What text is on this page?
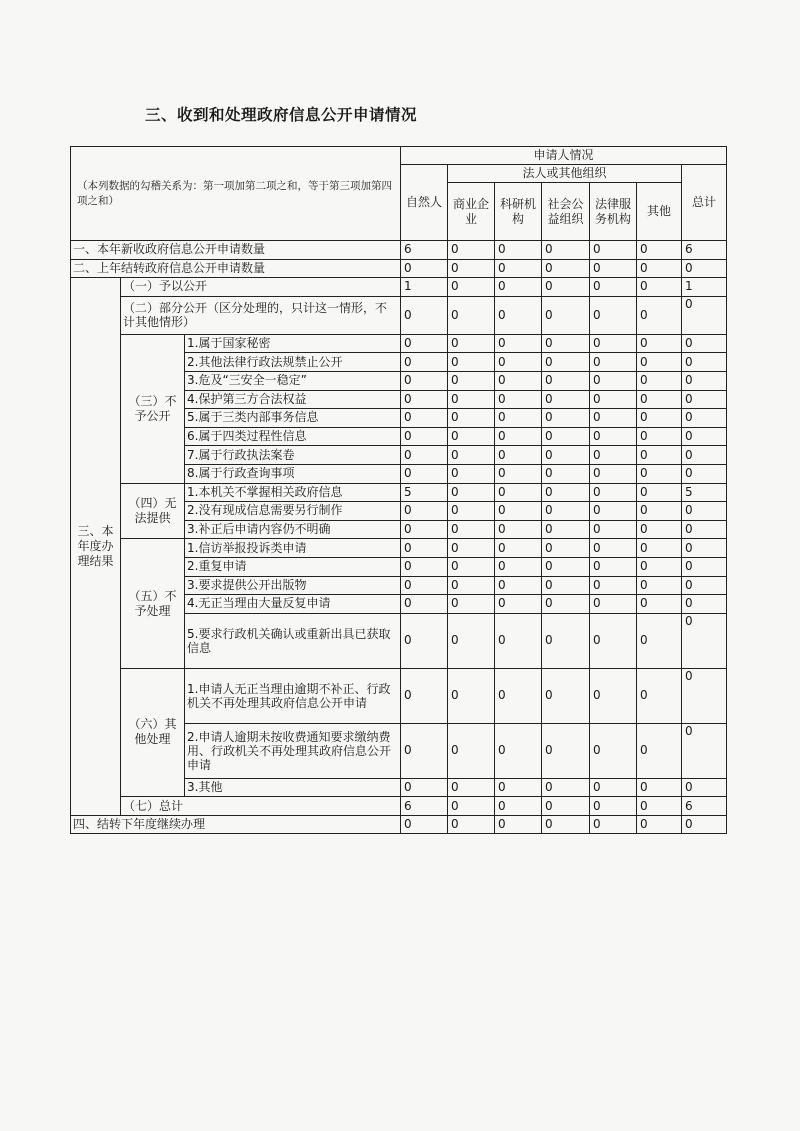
三、收到和处理政府信息公开申请情况
（本列数据的勾稽关系为：第一项加第二项之和，等于第三项加第四项之和）			申请人情况						
			自然人	法人或其他组织					总计
				商业企业	科研机构	社会公益组织	法律服务机构	其他	
一、本年新收政府信息公开申请数量			6	0	0	0	0	0	6
二、上年结转政府信息公开申请数量			0	0	0	0	0	0	0
三、本年度办理结果	（一）予以公开		1	0	0	0	0	0	1
	（二）部分公开（区分处理的，只计这一情形，不计其他情形）		0	0	0	0	0	0	0
	（三）不予公开	1.属于国家秘密	0	0	0	0	0	0	0
		2.其他法律行政法规禁止公开	0	0	0	0	0	0	0
		3.危及“三安全一稳定”	0	0	0	0	0	0	0
		4.保护第三方合法权益	0	0	0	0	0	0	0
		5.属于三类内部事务信息	0	0	0	0	0	0	0
		6.属于四类过程性信息	0	0	0	0	0	0	0
		7.属于行政执法案卷	0	0	0	0	0	0	0
		8.属于行政查询事项	0	0	0	0	0	0	0
	（四）无法提供	1.本机关不掌握相关政府信息	5	0	0	0	0	0	5
		2.没有现成信息需要另行制作	0	0	0	0	0	0	0
		3.补正后申请内容仍不明确	0	0	0	0	0	0	0
	（五）不予处理	1.信访举报投诉类申请	0	0	0	0	0	0	0
		2.重复申请	0	0	0	0	0	0	0
		3.要求提供公开出版物	0	0	0	0	0	0	0
		4.无正当理由大量反复申请	0	0	0	0	0	0	0
		5.要求行政机关确认或重新出具已获取信息	0	0	0	0	0	0	0
	（六）其他处理	1.申请人无正当理由逾期不补正、行政机关不再处理其政府信息公开申请	0	0	0	0	0	0	0
		2.申请人逾期未按收费通知要求缴纳费用、行政机关不再处理其政府信息公开申请	0	0	0	0	0	0	0
		3.其他	0	0	0	0	0	0	0
	（七）总计		6	0	0	0	0	0	6
四、结转下年度继续办理			0	0	0	0	0	0	0
